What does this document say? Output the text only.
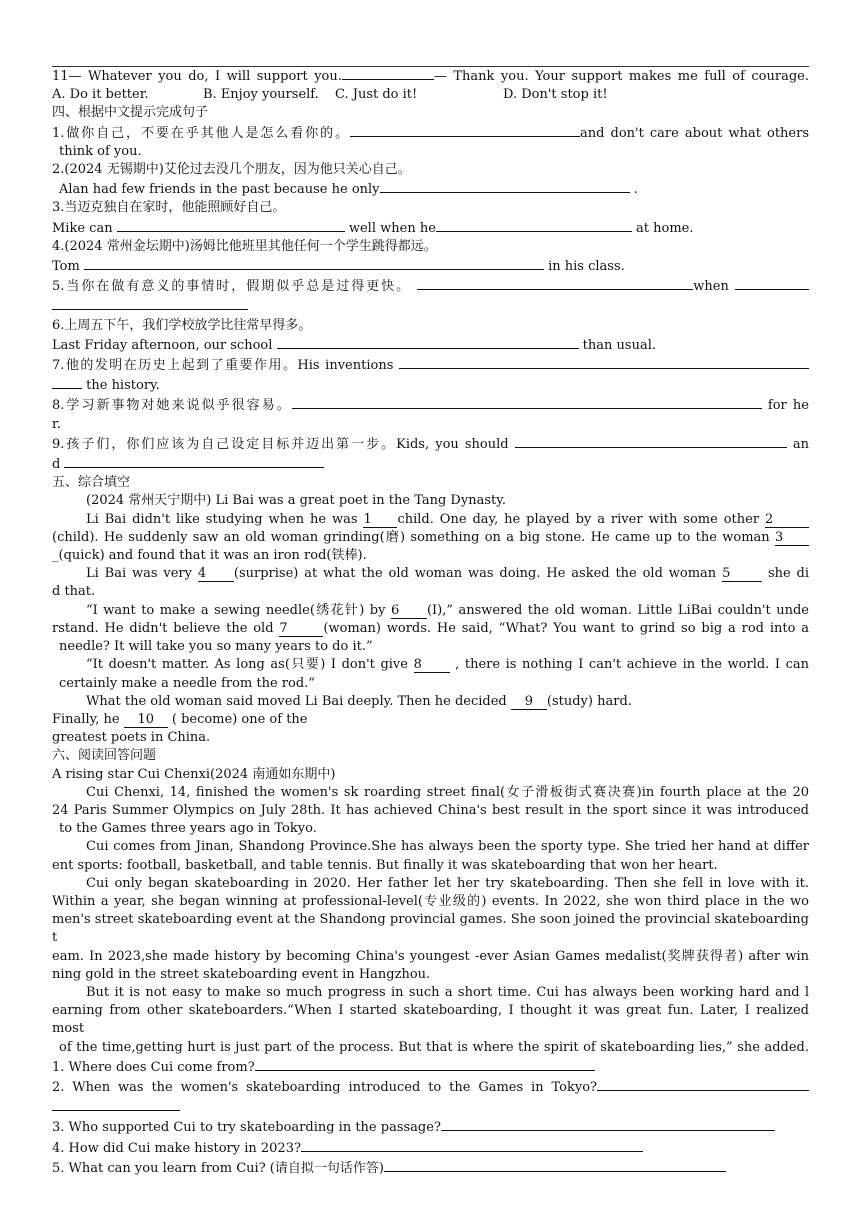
11— Whatever you do, I will support you.	— Thank you. Your support makes me full of courage.
A. Do it better.	B. Enjoy yourself. C. Just do it!	D. Don't stop it!
四、根据中文提示完成句子
1.做你自己，不要在乎其他人是怎么看你的。	and don't care about what others
think of you.
2.(2024 无锡期中)艾伦过去没几个朋友，因为他只关心自己。
Alan had few friends in the past because he only	.
3.当迈克独自在家时，他能照顾好自己。
Mike can	well when he	at home.
4.(2024 常州金坛期中)汤姆比他班里其他任何一个学生跳得都远。
Tom	in his class.
5.当你在做有意义的事情时，假期似乎总是过得更快。	when
6.上周五下午，我们学校放学比往常早得多。
Last Friday afternoon, our school	than usual.
7.他的发明在历史上起到了重要作用。His inventions
the history.
8.学习新事物对她来说似乎很容易。	for he
r.
9.孩子们，你们应该为自己设定目标并迈出第一步。Kids, you should	an
d
五、综合填空
(2024 常州天宁期中) Li Bai was a great poet in the Tang Dynasty.
Li Bai didn't like studying when he was 1 child. One day, he played by a river with some other 2
(child). He suddenly saw an old woman grinding(磨) something on a big stone. He came up to the woman 3
_(quick) and found that it was an iron rod(铁棒).
Li Bai was very 4 (surprise) at what the old woman was doing. He asked the old woman 5	she di
d that.
“I want to make a sewing needle(绣花针) by 6 (I),” answered the old woman. Little LiBai couldn't unde
rstand. He didn't believe the old 7	(woman) words. He said, “What? You want to grind so big a rod into a
needle? It will take you so many years to do it.”
“It doesn't matter. As long as(只要) I don't give 8	, there is nothing I can't achieve in the world. I can
certainly make a needle from the rod.”
What the old woman said moved Li Bai deeply. Then he decided 9 (study) hard.
Finally, he 10 ( become) one of the
greatest poets in China.
六、阅读回答问题
A rising star Cui Chenxi(2024 南通如东期中)
Cui Chenxi, 14, finished the women's sk roarding street final(女子滑板街式赛决赛)in fourth place at the 20
24 Paris Summer Olympics on July 28th. It has achieved China's best result in the sport since it was introduced
to the Games three years ago in Tokyo.
Cui comes from Jinan, Shandong Province.She has always been the sporty type. She tried her hand at differ
ent sports: football, basketball, and table tennis. But finally it was skateboarding that won her heart.
Cui only began skateboarding in 2020. Her father let her try skateboarding. Then she fell in love with it.
Within a year, she began winning at professional-level(专业级的) events. In 2022, she won third place in the wo
men's street skateboarding event at the Shandong provincial games. She soon joined the provincial skateboarding t
eam. In 2023,she made history by becoming China's youngest -ever Asian Games medalist(奖牌获得者) after win
ning gold in the street skateboarding event in Hangzhou.
But it is not easy to make so much progress in such a short time. Cui has always been working hard and l
earning from other skateboarders.“When I started skateboarding, I thought it was great fun. Later, I realized most
of the time,getting hurt is just part of the process. But that is where the spirit of skateboarding lies,” she added.
1. Where does Cui come from?
2. When was the women's skateboarding introduced to the Games in Tokyo?
3. Who supported Cui to try skateboarding in the passage?
4. How did Cui make history in 2023?
5. What can you learn from Cui? (请自拟一句话作答)
